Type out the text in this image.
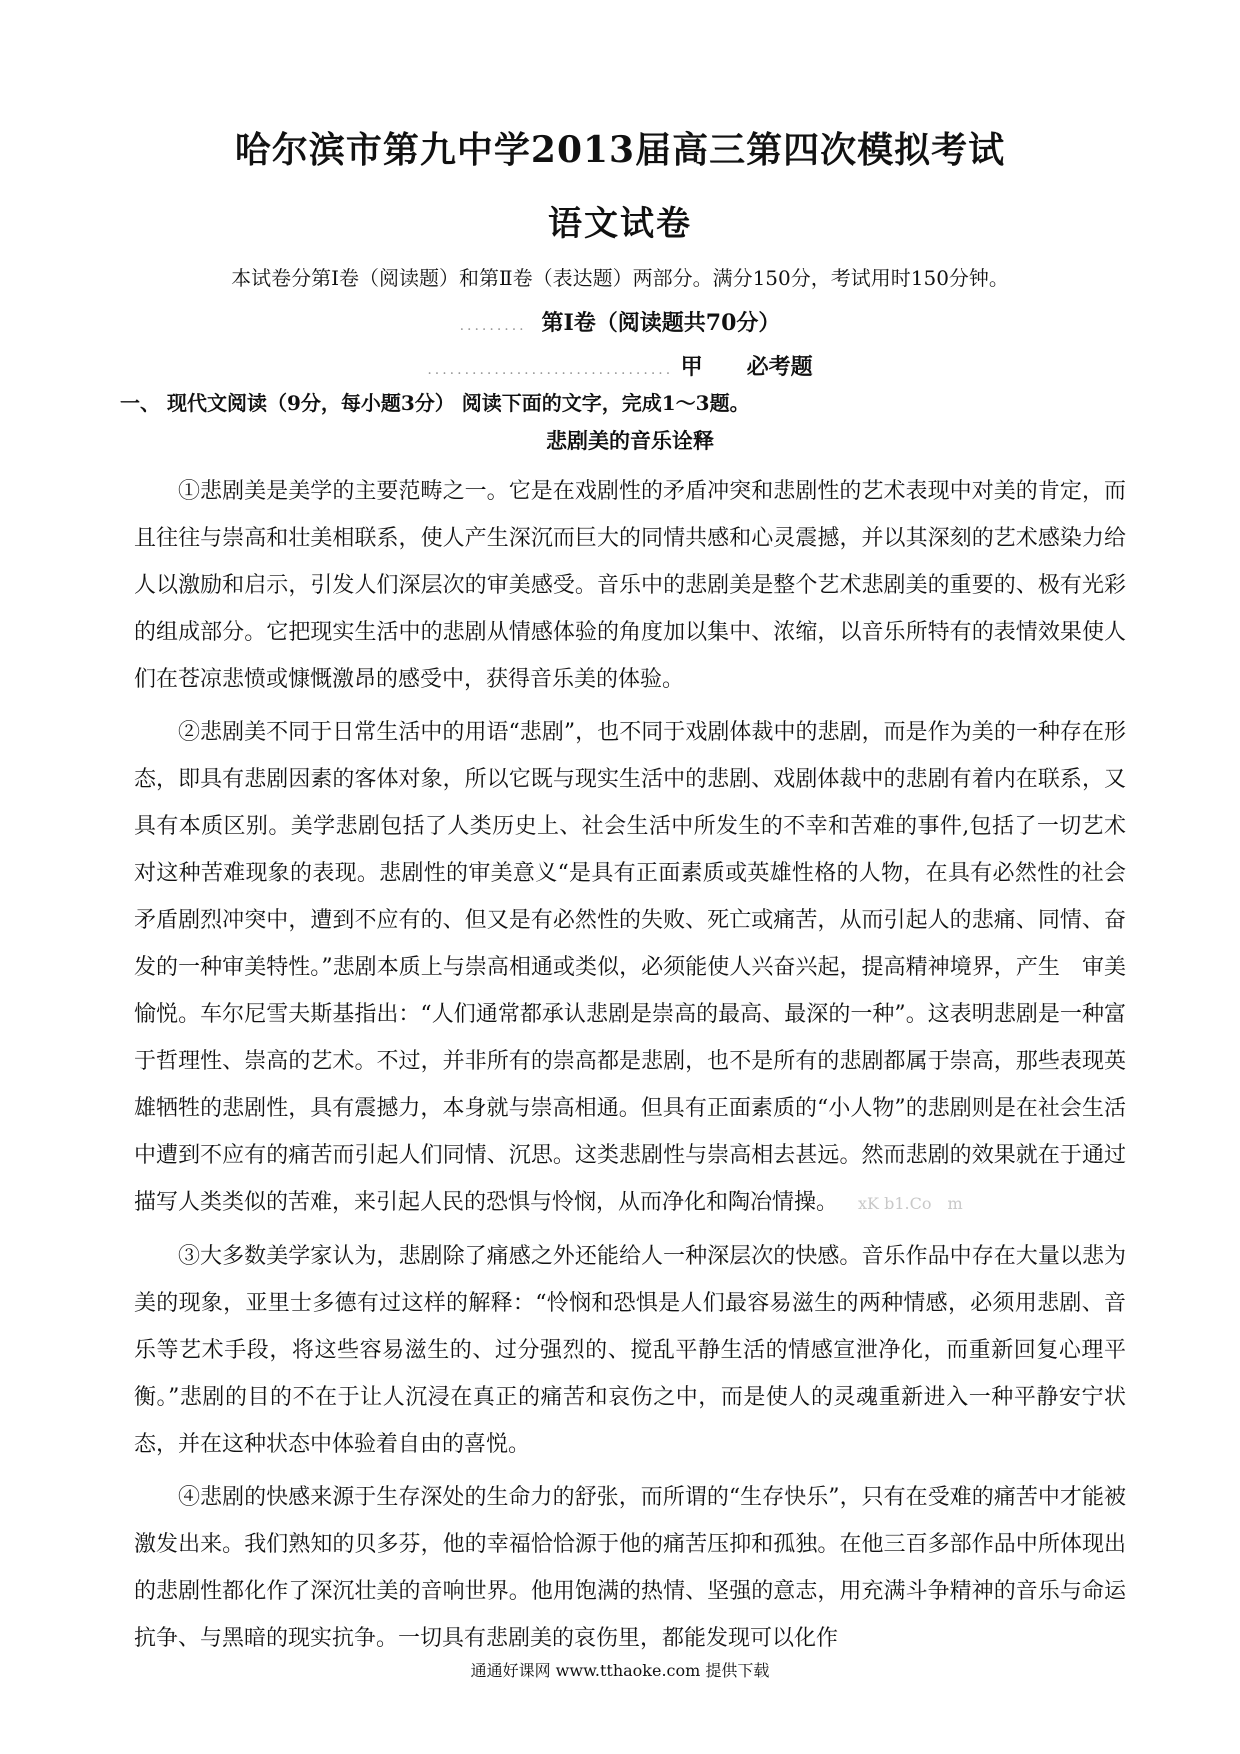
哈尔滨市第九中学2013届高三第四次模拟考试
语文试卷
本试卷分第Ⅰ卷（阅读题）和第Ⅱ卷（表达题）两部分。满分150分，考试用时150分钟。
.........  第Ⅰ卷（阅读题共70分）
................................. 甲　　必考题
一、 现代文阅读（9分，每小题3分） 阅读下面的文字，完成1～3题。
悲剧美的音乐诠释

①悲剧美是美学的主要范畴之一。它是在戏剧性的矛盾冲突和悲剧性的艺术表现中对美的肯定，而且往往与崇高和壮美相联系，使人产生深沉而巨大的同情共感和心灵震撼，并以其深刻的艺术感染力给人以激励和启示，引发人们深层次的审美感受。音乐中的悲剧美是整个艺术悲剧美的重要的、极有光彩的组成部分。它把现实生活中的悲剧从情感体验的角度加以集中、浓缩，以音乐所特有的表情效果使人们在苍凉悲愤或慷慨激昂的感受中，获得音乐美的体验。

②悲剧美不同于日常生活中的用语“悲剧”，也不同于戏剧体裁中的悲剧，而是作为美的一种存在形态，即具有悲剧因素的客体对象，所以它既与现实生活中的悲剧、戏剧体裁中的悲剧有着内在联系，又具有本质区别。美学悲剧包括了人类历史上、社会生活中所发生的不幸和苦难的事件,包括了一切艺术对这种苦难现象的表现。悲剧性的审美意义“是具有正面素质或英雄性格的人物，在具有必然性的社会矛盾剧烈冲突中，遭到不应有的、但又是有必然性的失败、死亡或痛苦，从而引起人的悲痛、同情、奋发的一种审美特性。”悲剧本质上与崇高相通或类似，必须能使人兴奋兴起，提高精神境界，产生　审美愉悦。车尔尼雪夫斯基指出：“人们通常都承认悲剧是崇高的最高、最深的一种”。这表明悲剧是一种富于哲理性、崇高的艺术。不过，并非所有的崇高都是悲剧，也不是所有的悲剧都属于崇高，那些表现英雄牺牲的悲剧性，具有震撼力，本身就与崇高相通。但具有正面素质的“小人物”的悲剧则是在社会生活中遭到不应有的痛苦而引起人们同情、沉思。这类悲剧性与崇高相去甚远。然而悲剧的效果就在于通过描写人类类似的苦难，来引起人民的恐惧与怜悯，从而净化和陶冶情操。 xK b1.Co　m

③大多数美学家认为，悲剧除了痛感之外还能给人一种深层次的快感。音乐作品中存在大量以悲为美的现象，亚里士多德有过这样的解释：“怜悯和恐惧是人们最容易滋生的两种情感，必须用悲剧、音乐等艺术手段，将这些容易滋生的、过分强烈的、搅乱平静生活的情感宣泄净化，而重新回复心理平衡。”悲剧的目的不在于让人沉浸在真正的痛苦和哀伤之中，而是使人的灵魂重新进入一种平静安宁状态，并在这种状态中体验着自由的喜悦。

④悲剧的快感来源于生存深处的生命力的舒张，而所谓的“生存快乐”，只有在受难的痛苦中才能被激发出来。我们熟知的贝多芬，他的幸福恰恰源于他的痛苦压抑和孤独。在他三百多部作品中所体现出的悲剧性都化作了深沉壮美的音响世界。他用饱满的热情、坚强的意志，用充满斗争精神的音乐与命运抗争、与黑暗的现实抗争。一切具有悲剧美的哀伤里，都能发现可以化作

通通好课网 www.tthaoke.com 提供下载
